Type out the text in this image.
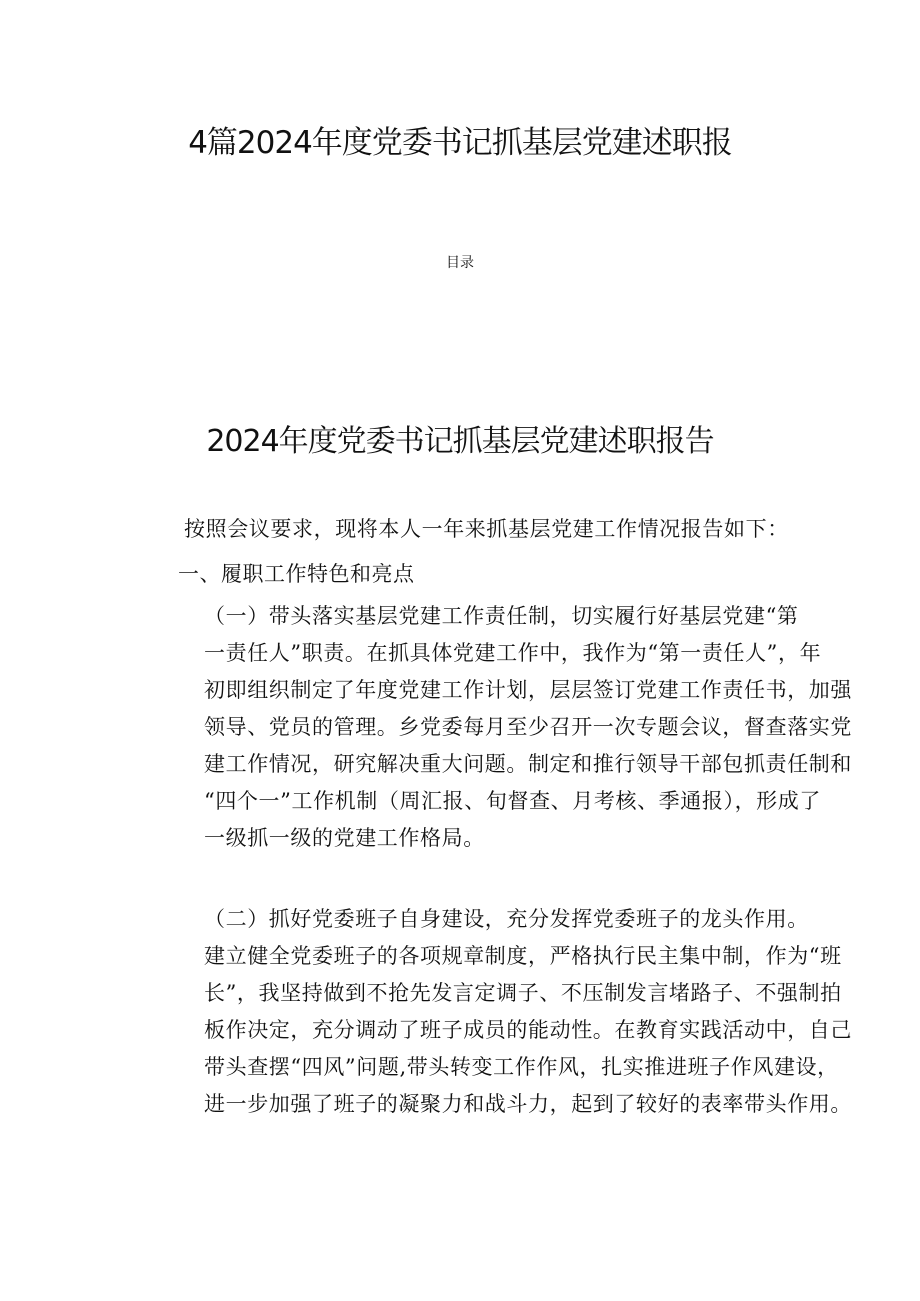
4篇2024年度党委书记抓基层党建述职报
目录
2024年度党委书记抓基层党建述职报告

按照会议要求，现将本人一年来抓基层党建工作情况报告如下：

一、履职工作特色和亮点

（一）带头落实基层党建工作责任制，切实履行好基层党建“第
一责任人”职责。在抓具体党建工作中，我作为“第一责任人”，年
初即组织制定了年度党建工作计划，层层签订党建工作责任书，加强
领导、党员的管理。乡党委每月至少召开一次专题会议，督查落实党
建工作情况，研究解决重大问题。制定和推行领导干部包抓责任制和
“四个一”工作机制（周汇报、旬督查、月考核、季通报），形成了
一级抓一级的党建工作格局。

（二）抓好党委班子自身建设，充分发挥党委班子的龙头作用。
建立健全党委班子的各项规章制度，严格执行民主集中制，作为“班
长”，我坚持做到不抢先发言定调子、不压制发言堵路子、不强制拍
板作决定，充分调动了班子成员的能动性。在教育实践活动中，自己
带头查摆“四风”问题,带头转变工作作风，扎实推进班子作风建设，
进一步加强了班子的凝聚力和战斗力，起到了较好的表率带头作用。
